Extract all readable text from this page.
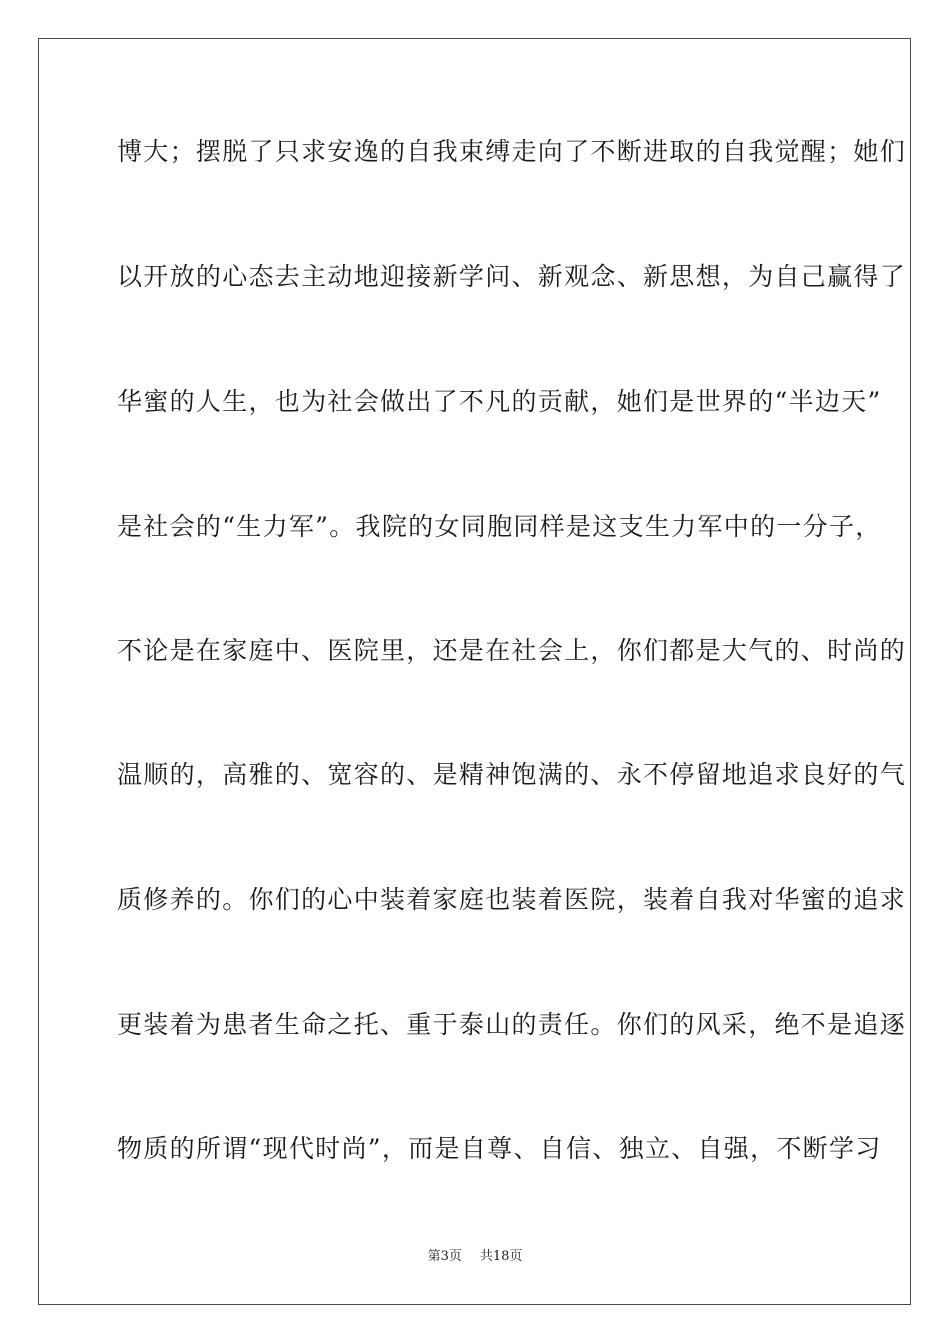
博大；摆脱了只求安逸的自我束缚走向了不断进取的自我觉醒；她们
以开放的心态去主动地迎接新学问、新观念、新思想，为自己赢得了
华蜜的人生，也为社会做出了不凡的贡献，她们是世界的“半边天”
是社会的“生力军”。我院的女同胞同样是这支生力军中的一分子，
不论是在家庭中、医院里，还是在社会上，你们都是大气的、时尚的
温顺的，高雅的、宽容的、是精神饱满的、永不停留地追求良好的气
质修养的。你们的心中装着家庭也装着医院，装着自我对华蜜的追求
更装着为患者生命之托、重于泰山的责任。你们的风采，绝不是追逐
物质的所谓“现代时尚”，而是自尊、自信、独立、自强，不断学习
第3页 共18页
